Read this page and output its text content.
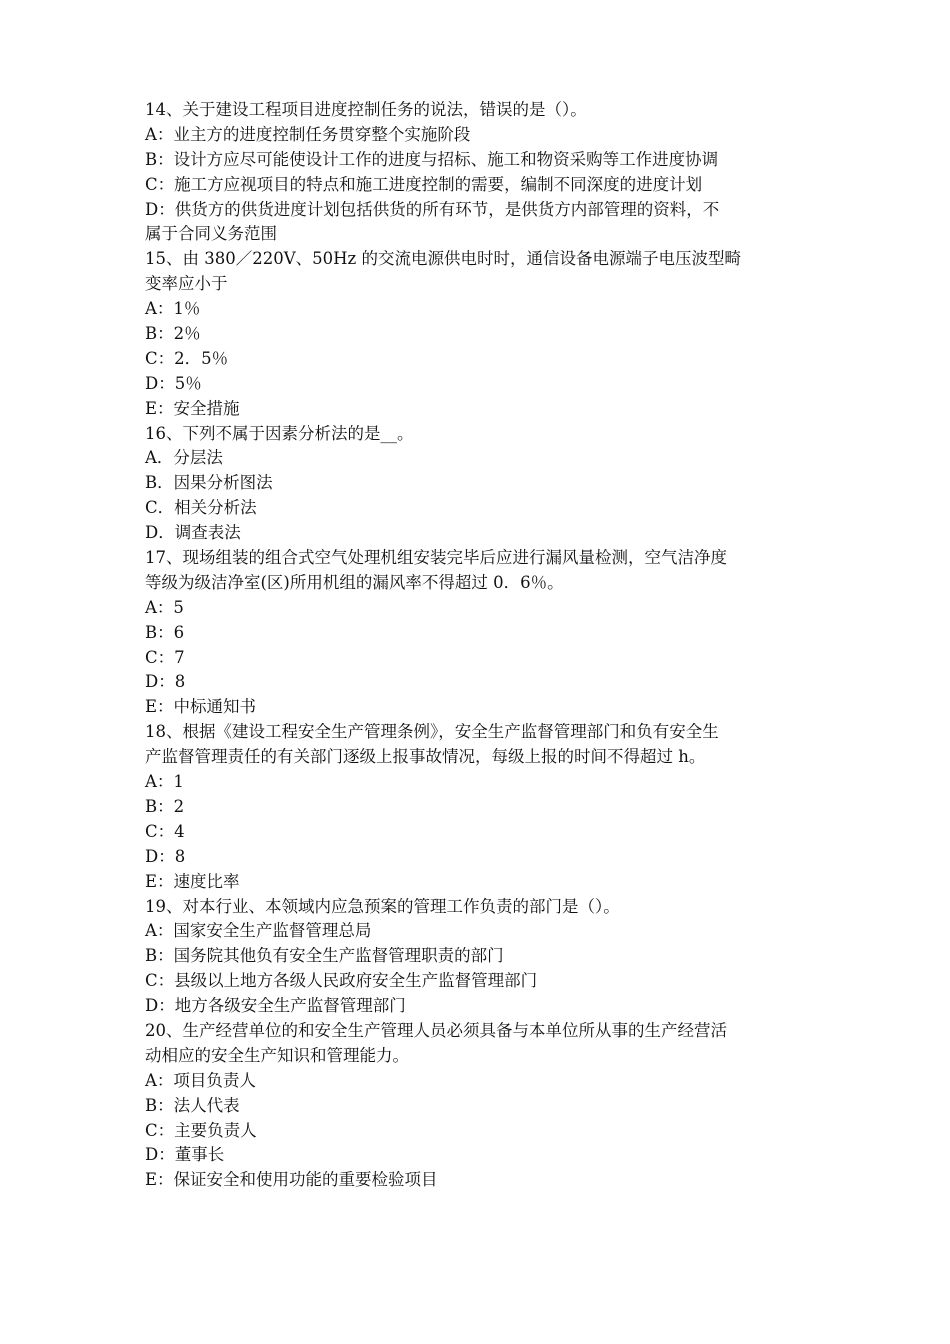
14、关于建设工程项目进度控制任务的说法，错误的是（）。
A：业主方的进度控制任务贯穿整个实施阶段
B：设计方应尽可能使设计工作的进度与招标、施工和物资采购等工作进度协调
C：施工方应视项目的特点和施工进度控制的需要，编制不同深度的进度计划
D：供货方的供货进度计划包括供货的所有环节，是供货方内部管理的资料，不
属于合同义务范围
15、由 380／220V、50Hz 的交流电源供电时时，通信设备电源端子电压波型畸
变率应小于
A：1％
B：2％
C：2．5％
D：5％
E：安全措施
16、下列不属于因素分析法的是__。
A．分层法
B．因果分析图法
C．相关分析法
D．调查表法
17、现场组装的组合式空气处理机组安装完毕后应进行漏风量检测，空气洁净度
等级为级洁净室(区)所用机组的漏风率不得超过 0．6％。
A：5
B：6
C：7
D：8
E：中标通知书
18、根据《建设工程安全生产管理条例》，安全生产监督管理部门和负有安全生
产监督管理责任的有关部门逐级上报事故情况，每级上报的时间不得超过 h。
A：1
B：2
C：4
D：8
E：速度比率
19、对本行业、本领域内应急预案的管理工作负责的部门是（）。
A：国家安全生产监督管理总局
B：国务院其他负有安全生产监督管理职责的部门
C：县级以上地方各级人民政府安全生产监督管理部门
D：地方各级安全生产监督管理部门
20、生产经营单位的和安全生产管理人员必须具备与本单位所从事的生产经营活
动相应的安全生产知识和管理能力。
A：项目负责人
B：法人代表
C：主要负责人
D：董事长
E：保证安全和使用功能的重要检验项目
